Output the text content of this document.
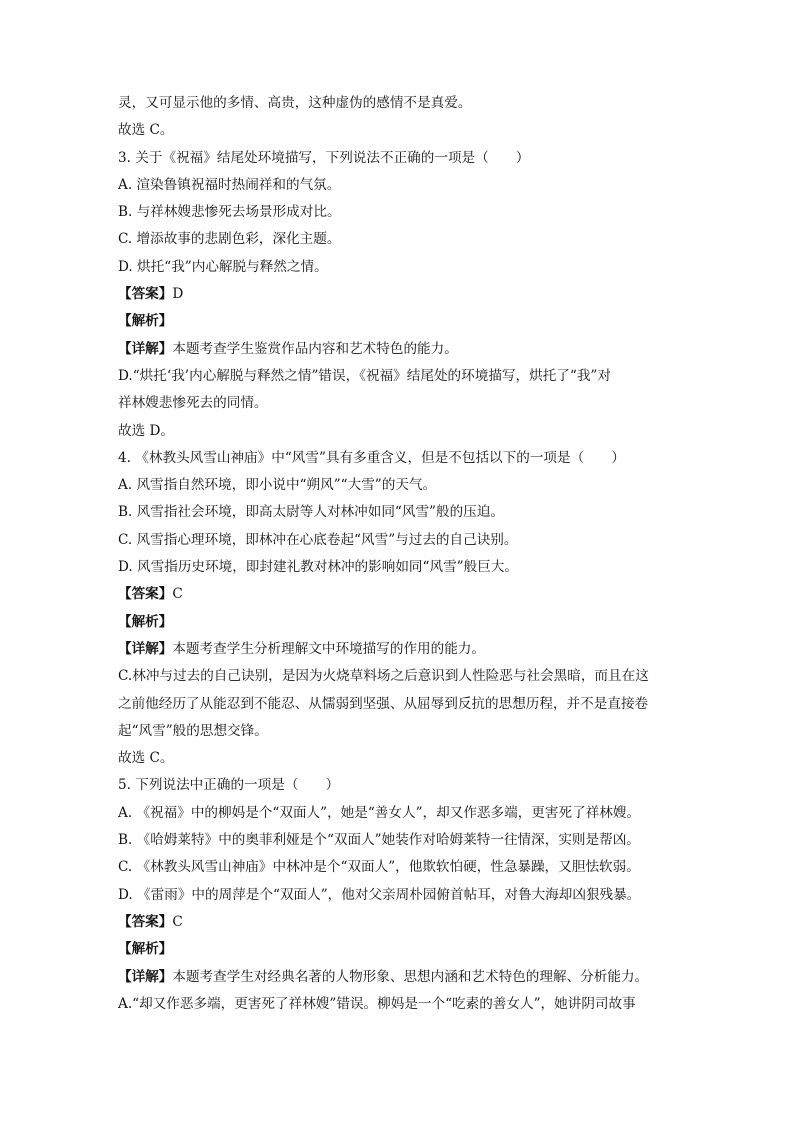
灵，又可显示他的多情、高贵，这种虚伪的感情不是真爱。
故选 C。
3. 关于《祝福》结尾处环境描写，下列说法不正确的一项是（　　）
A. 渲染鲁镇祝福时热闹祥和的气氛。
B. 与祥林嫂悲惨死去场景形成对比。
C. 增添故事的悲剧色彩，深化主题。
D. 烘托“我”内心解脱与释然之情。
【答案】D
【解析】
【详解】本题考查学生鉴赏作品内容和艺术特色的能力。
D.“烘托‘我’内心解脱与释然之情”错误，《祝福》结尾处的环境描写，烘托了“我”对
祥林嫂悲惨死去的同情。
故选 D。
4. 《林教头风雪山神庙》中“风雪”具有多重含义，但是不包括以下的一项是（　　）
A. 风雪指自然环境，即小说中“朔风”“大雪”的天气。
B. 风雪指社会环境，即高太尉等人对林冲如同“风雪”般的压迫。
C. 风雪指心理环境，即林冲在心底卷起“风雪”与过去的自己诀别。
D. 风雪指历史环境，即封建礼教对林冲的影响如同“风雪”般巨大。
【答案】C
【解析】
【详解】本题考查学生分析理解文中环境描写的作用的能力。
C.林冲与过去的自己诀别，是因为火烧草料场之后意识到人性险恶与社会黑暗，而且在这
之前他经历了从能忍到不能忍、从懦弱到坚强、从屈辱到反抗的思想历程，并不是直接卷
起“风雪”般的思想交锋。
故选 C。
5. 下列说法中正确的一项是（　　）
A. 《祝福》中的柳妈是个“双面人”，她是“善女人”，却又作恶多端，更害死了祥林嫂。
B. 《哈姆莱特》中的奥菲利娅是个“双面人”她装作对哈姆莱特一往情深，实则是帮凶。
C. 《林教头风雪山神庙》中林冲是个“双面人”，他欺软怕硬，性急暴躁，又胆怯软弱。
D. 《雷雨》中的周萍是个“双面人”，他对父亲周朴园俯首帖耳，对鲁大海却凶狠残暴。
【答案】C
【解析】
【详解】本题考查学生对经典名著的人物形象、思想内涵和艺术特色的理解、分析能力。
A.“却又作恶多端，更害死了祥林嫂”错误。柳妈是一个“吃素的善女人”，她讲阴司故事
